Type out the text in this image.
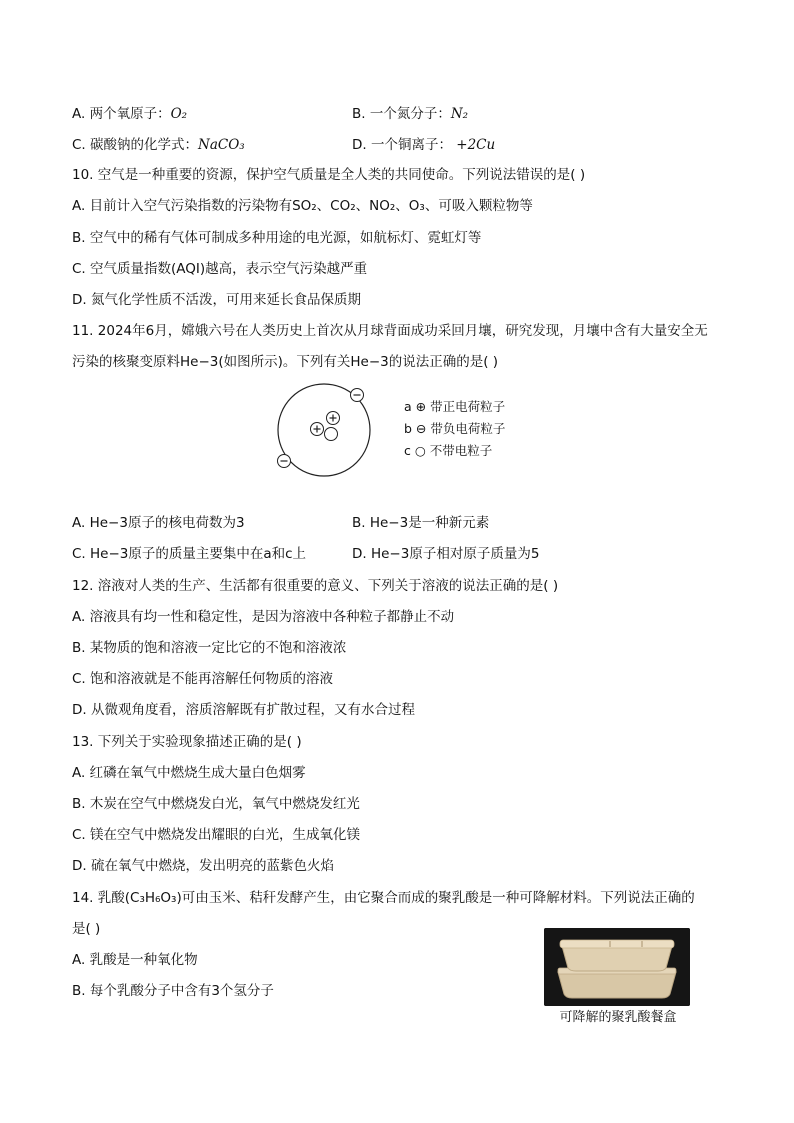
A. 两个氧原子：O₂	B. 一个氮分子：N₂
C. 碳酸钠的化学式：NaCO₃	D. 一个铜离子： +2Cu
10. 空气是一种重要的资源，保护空气质量是全人类的共同使命。下列说法错误的是( )
A. 目前计入空气污染指数的污染物有SO₂、CO₂、NO₂、O₃、可吸入颗粒物等
B. 空气中的稀有气体可制成多种用途的电光源，如航标灯、霓虹灯等
C. 空气质量指数(AQI)越高，表示空气污染越严重
D. 氮气化学性质不活泼，可用来延长食品保质期
11. 2024年6月，嫦娥六号在人类历史上首次从月球背面成功采回月壤，研究发现，月壤中含有大量安全无
污染的核聚变原料He−3(如图所示)。下列有关He−3的说法正确的是( )
a ⊕ 带正电荷粒子
b ⊖ 带负电荷粒子
c ○ 不带电粒子
A. He−3原子的核电荷数为3	B. He−3是一种新元素
C. He−3原子的质量主要集中在a和c上	D. He−3原子相对原子质量为5
12. 溶液对人类的生产、生活都有很重要的意义、下列关于溶液的说法正确的是( )
A. 溶液具有均一性和稳定性，是因为溶液中各种粒子都静止不动
B. 某物质的饱和溶液一定比它的不饱和溶液浓
C. 饱和溶液就是不能再溶解任何物质的溶液
D. 从微观角度看，溶质溶解既有扩散过程，又有水合过程
13. 下列关于实验现象描述正确的是( )
A. 红磷在氧气中燃烧生成大量白色烟雾
B. 木炭在空气中燃烧发白光，氧气中燃烧发红光
C. 镁在空气中燃烧发出耀眼的白光，生成氧化镁
D. 硫在氧气中燃烧，发出明亮的蓝紫色火焰
14. 乳酸(C₃H₆O₃)可由玉米、秸秆发酵产生，由它聚合而成的聚乳酸是一种可降解材料。下列说法正确的
是( )
A. 乳酸是一种氧化物
B. 每个乳酸分子中含有3个氢分子
可降解的聚乳酸餐盒
